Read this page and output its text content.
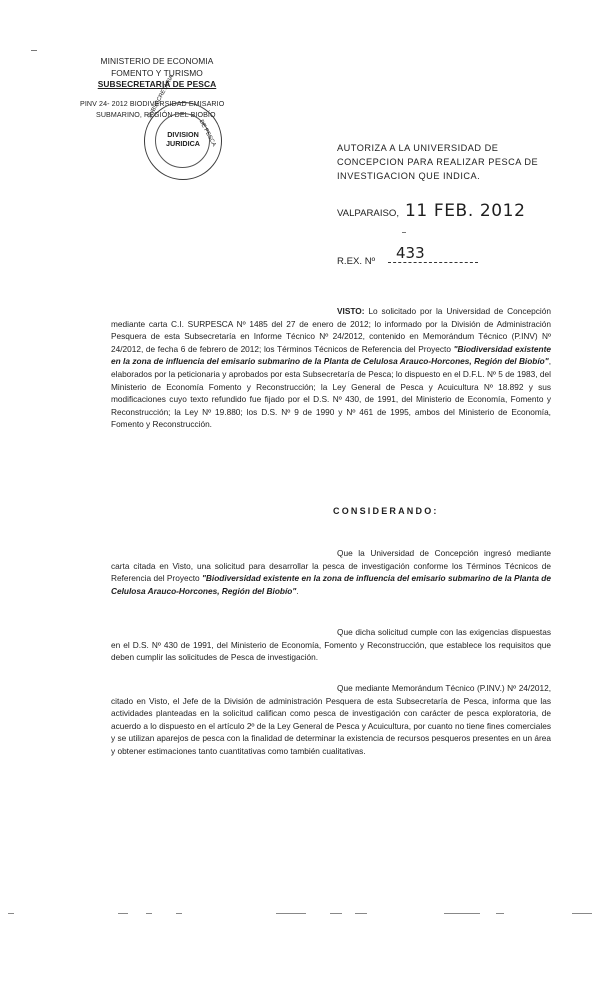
MINISTERIO DE ECONOMIA
FOMENTO Y TURISMO
SUBSECRETARIA DE PESCA
PINV 24- 2012 BIODIVERSIDAD EMISARIO
SUBMARINO, REGIÓN DEL BIOBÍO
SUBSECRETARIA
DE PESCA
DIVISION
JURIDICA	AUTORIZA A LA UNIVERSIDAD DE CONCEPCION PARA REALIZAR PESCA DE INVESTIGACION QUE INDICA.
VALPARAISO, 11 FEB. 2012
433
R.EX. Nº
VISTO: Lo solicitado por la Universidad de Concepción mediante carta C.I. SURPESCA Nº 1485 del 27 de enero de 2012; lo informado por la División de Administración Pesquera de esta Subsecretaría en Informe Técnico Nº 24/2012, contenido en Memorándum Técnico (P.INV) Nº 24/2012, de fecha 6 de febrero de 2012; los Términos Técnicos de Referencia del Proyecto "Biodiversidad existente en la zona de influencia del emisario submarino de la Planta de Celulosa Arauco-Horcones, Región del Biobío", elaborados por la peticionaria y aprobados por esta Subsecretaría de Pesca; lo dispuesto en el D.F.L. Nº 5 de 1983, del Ministerio de Economía Fomento y Reconstrucción; la Ley General de Pesca y Acuicultura Nº 18.892 y sus modificaciones cuyo texto refundido fue fijado por el D.S. Nº 430, de 1991, del Ministerio de Economía, Fomento y Reconstrucción; la Ley Nº 19.880; los D.S. Nº 9 de 1990 y Nº 461 de 1995, ambos del Ministerio de Economía, Fomento y Reconstrucción.
CONSIDERANDO:
Que la Universidad de Concepción ingresó mediante carta citada en Visto, una solicitud para desarrollar la pesca de investigación conforme los Términos Técnicos de Referencia del Proyecto "Biodiversidad existente en la zona de influencia del emisario submarino de la Planta de Celulosa Arauco-Horcones, Región del Biobío".
Que dicha solicitud cumple con las exigencias dispuestas en el D.S. Nº 430 de 1991, del Ministerio de Economía, Fomento y Reconstrucción, que establece los requisitos que deben cumplir las solicitudes de Pesca de investigación.
Que mediante Memorándum Técnico (P.INV.) Nº 24/2012, citado en Visto, el Jefe de la División de administración Pesquera de esta Subsecretaría de Pesca, informa que las actividades planteadas en la solicitud califican como pesca de investigación con carácter de pesca exploratoria, de acuerdo a lo dispuesto en el artículo 2º de la Ley General de Pesca y Acuicultura, por cuanto no tiene fines comerciales y se utilizan aparejos de pesca con la finalidad de determinar la existencia de recursos pesqueros presentes en un área y obtener estimaciones tanto cuantitativas como también cualitativas.
